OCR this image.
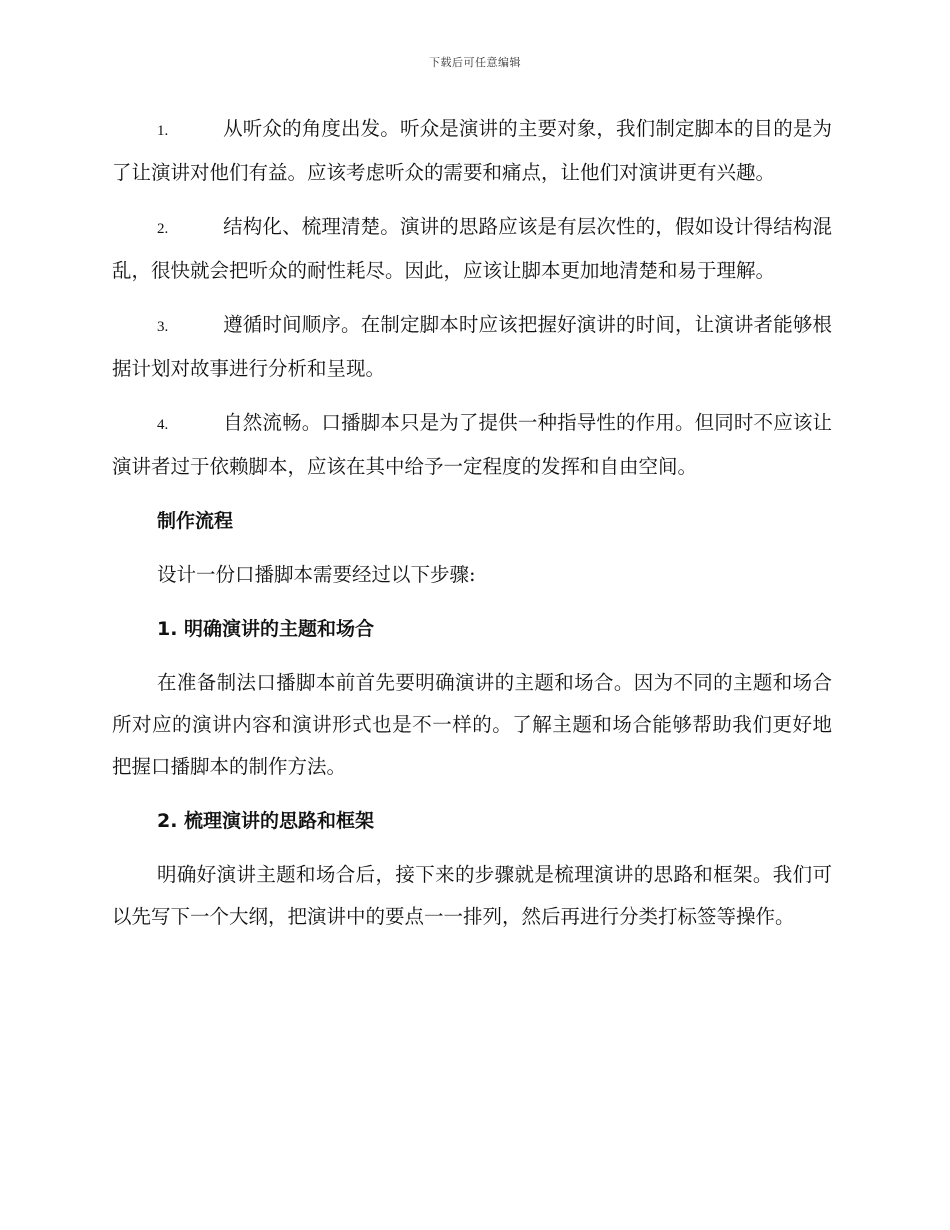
下载后可任意编辑

1.	从听众的角度出发。听众是演讲的主要对象，我们制定脚本的目的是为了让演讲对他们有益。应该考虑听众的需要和痛点，让他们对演讲更有兴趣。

2.	结构化、梳理清楚。演讲的思路应该是有层次性的，假如设计得结构混乱，很快就会把听众的耐性耗尽。因此，应该让脚本更加地清楚和易于理解。

3.	遵循时间顺序。在制定脚本时应该把握好演讲的时间，让演讲者能够根据计划对故事进行分析和呈现。

4.	自然流畅。口播脚本只是为了提供一种指导性的作用。但同时不应该让演讲者过于依赖脚本，应该在其中给予一定程度的发挥和自由空间。

制作流程

设计一份口播脚本需要经过以下步骤:

1. 明确演讲的主题和场合

在准备制法口播脚本前首先要明确演讲的主题和场合。因为不同的主题和场合所对应的演讲内容和演讲形式也是不一样的。了解主题和场合能够帮助我们更好地把握口播脚本的制作方法。

2. 梳理演讲的思路和框架

明确好演讲主题和场合后，接下来的步骤就是梳理演讲的思路和框架。我们可以先写下一个大纲，把演讲中的要点一一排列，然后再进行分类打标签等操作。
